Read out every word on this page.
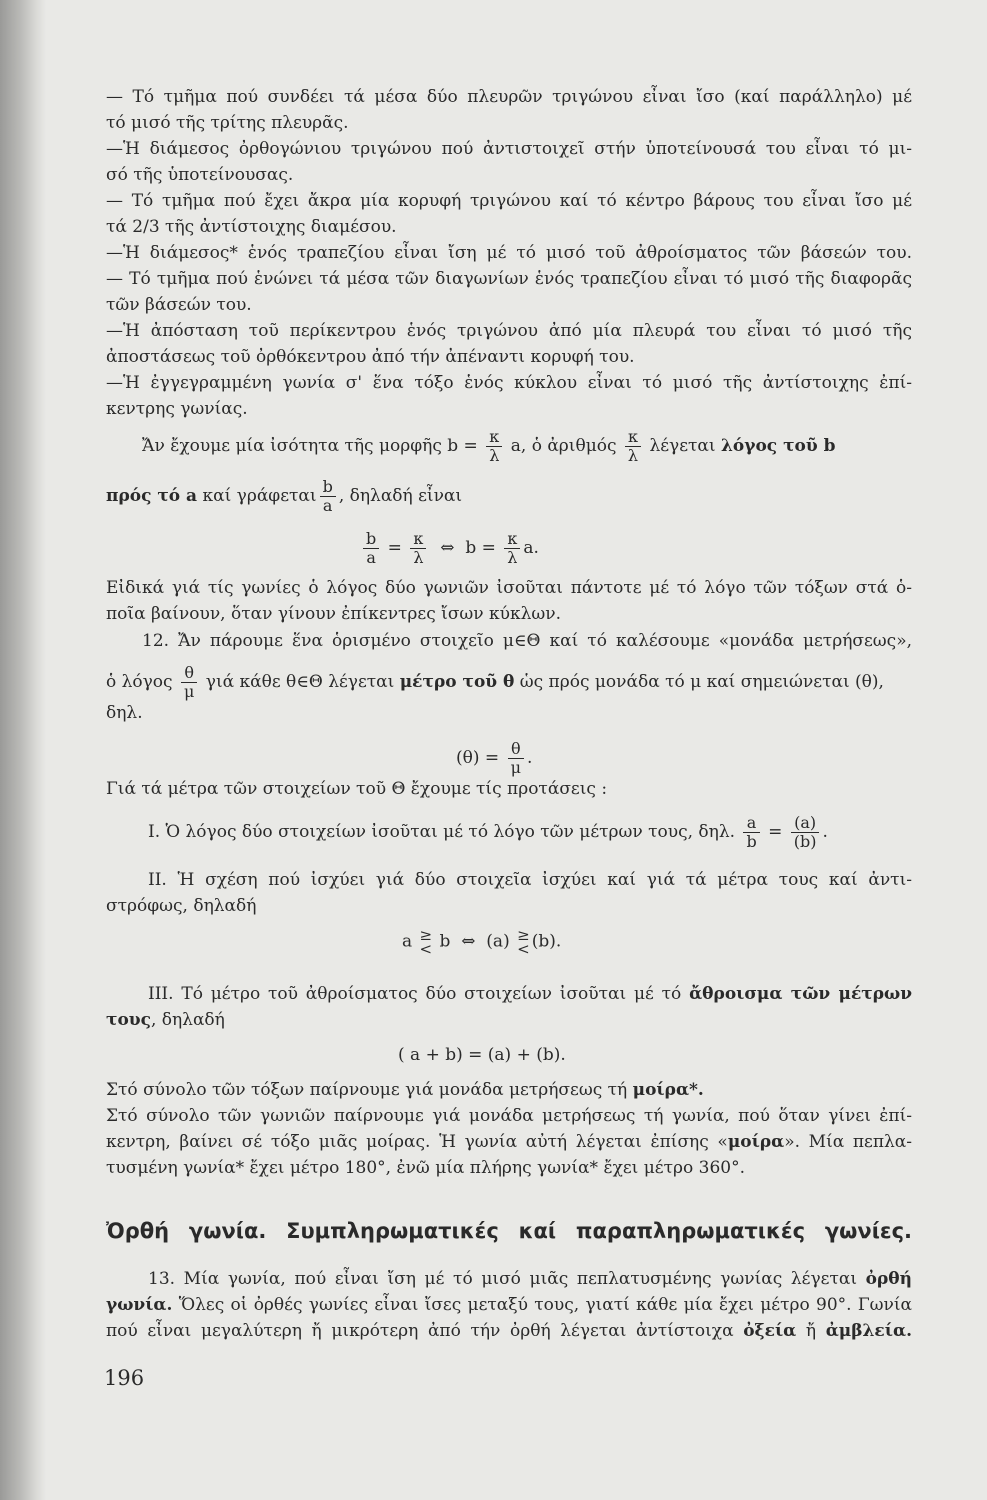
— Τό τμῆμα πού συνδέει τά μέσα δύο πλευρῶν τριγώνου εἶναι ἴσο (καί παράλληλο) μέ
τό μισό τῆς τρίτης πλευρᾶς.
—Ἡ διάμεσος ὀρθογώνιου τριγώνου πού ἀντιστοιχεῖ στήν ὑποτείνουσά του εἶναι τό μι-
σό τῆς ὑποτείνουσας.
— Τό τμῆμα πού ἔχει ἄκρα μία κορυφή τριγώνου καί τό κέντρο βάρους του εἶναι ἴσο μέ
τά 2/3 τῆς ἀντίστοιχης διαμέσου.
—Ἡ διάμεσος* ἑνός τραπεζίου εἶναι ἴση μέ τό μισό τοῦ ἀθροίσματος τῶν βάσεών του.
— Τό τμῆμα πού ἑνώνει τά μέσα τῶν διαγωνίων ἑνός τραπεζίου εἶναι τό μισό τῆς διαφορᾶς
τῶν βάσεών του.
—Ἡ ἀπόσταση τοῦ περίκεντρου ἑνός τριγώνου ἀπό μία πλευρά του εἶναι τό μισό τῆς
ἀποστάσεως τοῦ ὀρθόκεντρου ἀπό τήν ἀπέναντι κορυφή του.
—Ἡ ἐγγεγραμμένη γωνία σ' ἕνα τόξο ἑνός κύκλου εἶναι τό μισό τῆς ἀντίστοιχης ἐπί-
κεντρης γωνίας.
Ἄν ἔχουμε μία ἰσότητα τῆς μορφῆς $b = \frac{\kappa}{\lambda} a$, ὁ ἀριθμός $\frac{\kappa}{\lambda}$ λέγεται λόγος τοῦ b
πρός τό a καί γράφεται $\frac{b}{a}$ , δηλαδή εἶναι
$\frac{b}{a} = \frac{\kappa}{\lambda}$ ⇔ $b = \frac{\kappa}{\lambda} a$.
Εἰδικά γιά τίς γωνίες ὁ λόγος δύο γωνιῶν ἰσοῦται πάντοτε μέ τό λόγο τῶν τόξων στά ὁ-
ποῖα βαίνουν, ὅταν γίνουν ἐπίκεντρες ἴσων κύκλων.
12. Ἄν πάρουμε ἕνα ὁρισμένο στοιχεῖο μ∈Θ καί τό καλέσουμε «μονάδα μετρήσεως»,
ὁ λόγος $\frac{\theta}{\mu}$ γιά κάθε θ∈Θ λέγεται μέτρο τοῦ θ ὡς πρός μονάδα τό μ καί σημειώνεται (θ),
δηλ.
$(\theta) = \frac{\theta}{\mu}$ .
Γιά τά μέτρα τῶν στοιχείων τοῦ Θ ἔχουμε τίς προτάσεις :
I. Ὁ λόγος δύο στοιχείων ἰσοῦται μέ τό λόγο τῶν μέτρων τους, δηλ. $\frac{a}{b} = \frac{(a)}{(b)}$ .
II. Ἡ σχέση πού ἰσχύει γιά δύο στοιχεῖα ἰσχύει καί γιά τά μέτρα τους καί ἀντι-
στρόφως, δηλαδή
a ≥
< b ⇔ (a) ≥
< (b).
III. Τό μέτρο τοῦ ἀθροίσματος δύο στοιχείων ἰσοῦται μέ τό ἄθροισμα τῶν μέτρων
τους, δηλαδή
( a + b) = (a) + (b).
Στό σύνολο τῶν τόξων παίρνουμε γιά μονάδα μετρήσεως τή μοίρα*.
Στό σύνολο τῶν γωνιῶν παίρνουμε γιά μονάδα μετρήσεως τή γωνία, πού ὅταν γίνει ἐπί-
κεντρη, βαίνει σέ τόξο μιᾶς μοίρας. Ἡ γωνία αὐτή λέγεται ἐπίσης «μοίρα». Μία πεπλα-
τυσμένη γωνία* ἔχει μέτρο 180°, ἐνῶ μία πλήρης γωνία* ἔχει μέτρο 360°.
Ὀρθή γωνία. Συμπληρωματικές καί παραπληρωματικές γωνίες.
13. Μία γωνία, πού εἶναι ἴση μέ τό μισό μιᾶς πεπλατυσμένης γωνίας λέγεται ὀρθή
γωνία. Ὅλες οἱ ὀρθές γωνίες εἶναι ἴσες μεταξύ τους, γιατί κάθε μία ἔχει μέτρο 90°. Γωνία
πού εἶναι μεγαλύτερη ἤ μικρότερη ἀπό τήν ὀρθή λέγεται ἀντίστοιχα ὀξεία ἤ ἀμβλεία.
196
